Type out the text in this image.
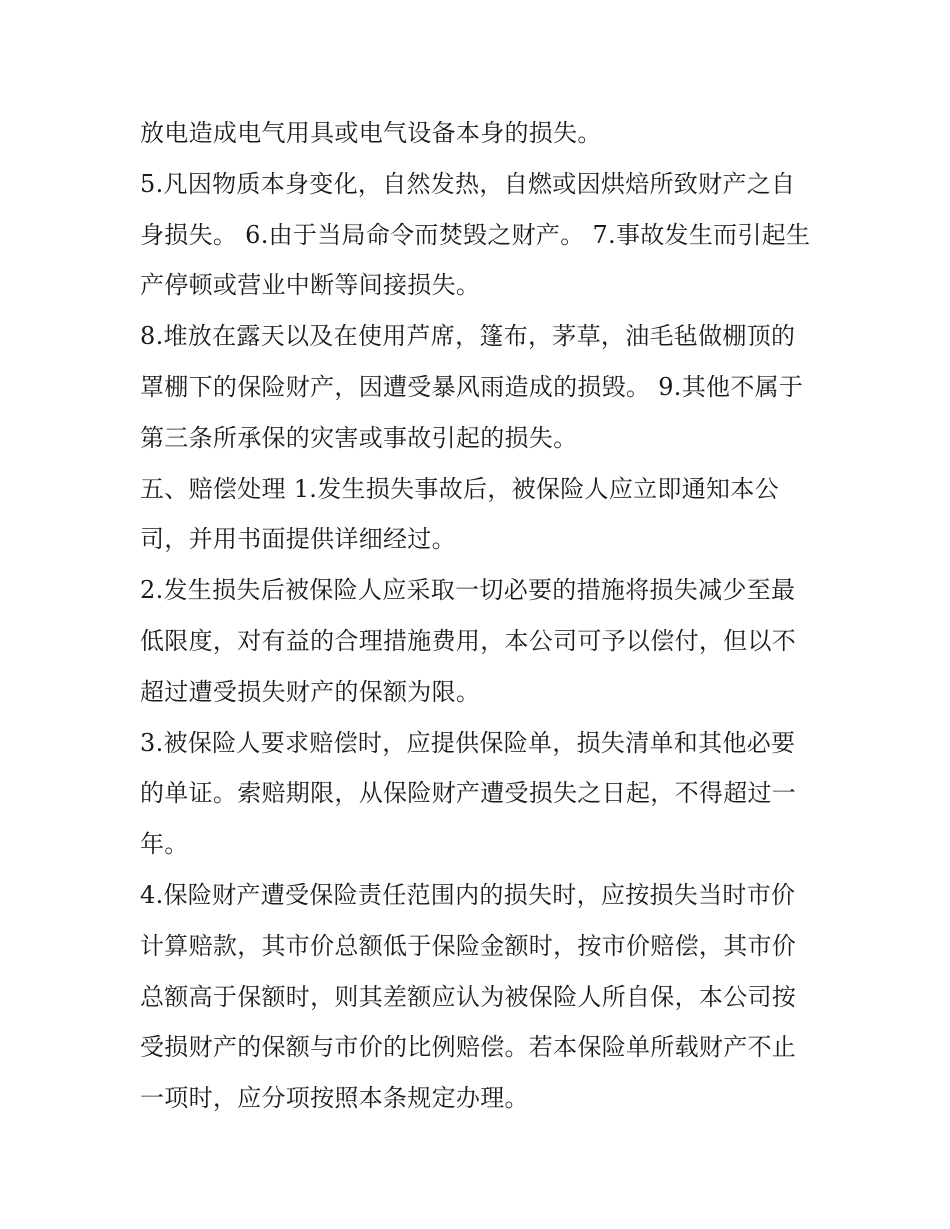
放电造成电气用具或电气设备本身的损失。

5.凡因物质本身变化，自然发热，自燃或因烘焙所致财产之自
身损失。 6.由于当局命令而焚毁之财产。 7.事故发生而引起生
产停顿或营业中断等间接损失。

8.堆放在露天以及在使用芦席，篷布，茅草，油毛毡做棚顶的
罩棚下的保险财产，因遭受暴风雨造成的损毁。 9.其他不属于
第三条所承保的灾害或事故引起的损失。

五、赔偿处理 1.发生损失事故后，被保险人应立即通知本公
司，并用书面提供详细经过。

2.发生损失后被保险人应采取一切必要的措施将损失减少至最
低限度，对有益的合理措施费用，本公司可予以偿付，但以不
超过遭受损失财产的保额为限。

3.被保险人要求赔偿时，应提供保险单，损失清单和其他必要
的单证。索赔期限，从保险财产遭受损失之日起，不得超过一
年。

4.保险财产遭受保险责任范围内的损失时，应按损失当时市价
计算赔款，其市价总额低于保险金额时，按市价赔偿，其市价
总额高于保额时，则其差额应认为被保险人所自保，本公司按
受损财产的保额与市价的比例赔偿。若本保险单所载财产不止
一项时，应分项按照本条规定办理。
